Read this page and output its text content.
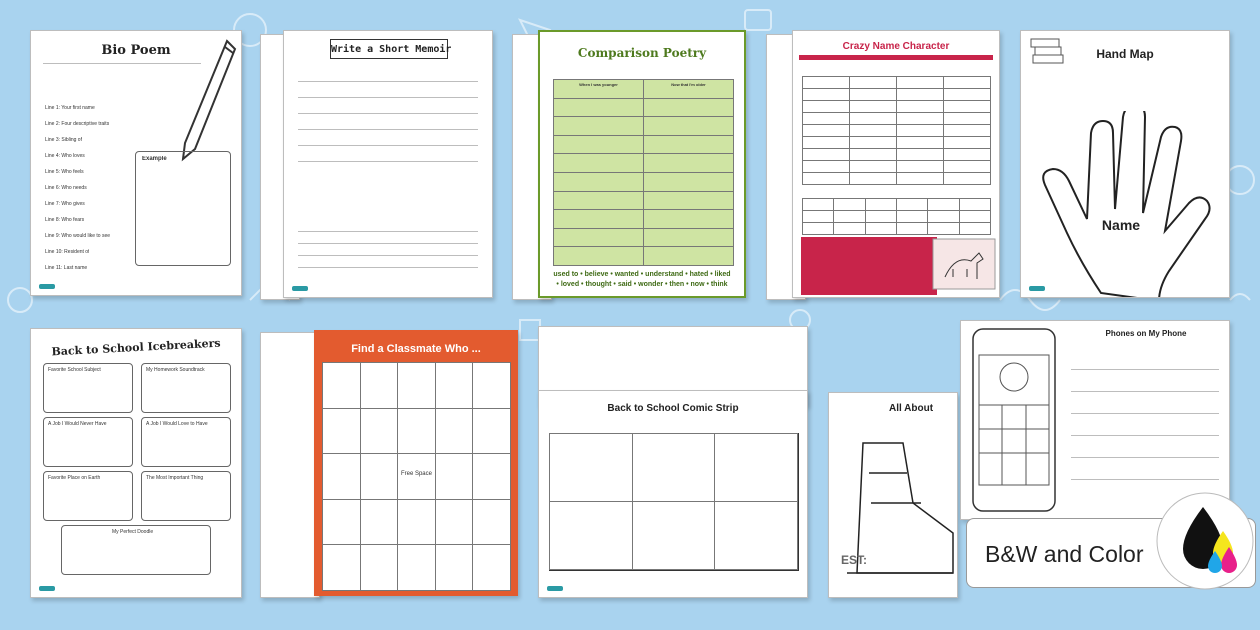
Bio Poem
Line 1: Your first name
Line 2: Four descriptive traits
Line 3: Sibling of
Line 4: Who loves
Line 5: Who feels
Line 6: Who needs
Line 7: Who gives
Line 8: Who fears
Line 9: Who would like to see
Line 10: Resident of
Line 11: Last name
Example
Write a Short Memoir	Comparison Poetry
When I was younger	Now that I'm older
used to • believe • wanted • understand • hated • liked • loved • thought • said • wonder • then • now • think
Crazy Name Character
Hand Map
Name
Back to School Icebreakers
Favorite School Subject	My Homework Soundtrack
A Job I Would Never Have	A Job I Would Love to Have
Favorite Place on Earth	The Most Important Thing
My Perfect Doodle
Find a Classmate Who ...
Free Space
Back to School Comic Strip	All About
EST:
Phones on My Phone
B&W and Color
